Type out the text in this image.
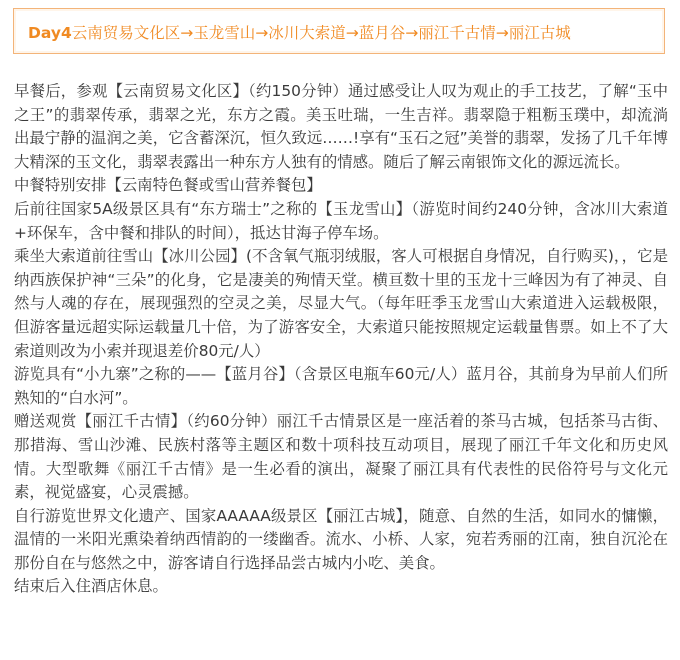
Day4云南贸易文化区→玉龙雪山→冰川大索道→蓝月谷→丽江千古情→丽江古城

早餐后，参观【云南贸易文化区】（约150分钟）通过感受让人叹为观止的手工技艺，了解“玉中之王”的翡翠传承，翡翠之光，东方之霞。美玉吐瑞，一生吉祥。翡翠隐于粗粝玉璞中，却流淌出最宁静的温润之美，它含蓄深沉，恒久致远……!享有“玉石之冠”美誉的翡翠，发扬了几千年博大精深的玉文化，翡翠表露出一种东方人独有的情感。随后了解云南银饰文化的源远流长。

中餐特别安排【云南特色餐或雪山营养餐包】

后前往国家5A级景区具有“东方瑞士”之称的【玉龙雪山】（游览时间约240分钟，含冰川大索道+环保车，含中餐和排队的时间），抵达甘海子停车场。

乘坐大索道前往雪山【冰川公园】(不含氧气瓶羽绒服，客人可根据自身情况，自行购买)，，它是纳西族保护神“三朵”的化身，它是凄美的殉情天堂。横亘数十里的玉龙十三峰因为有了神灵、自然与人魂的存在，展现强烈的空灵之美，尽显大气。（每年旺季玉龙雪山大索道进入运载极限，但游客量远超实际运载量几十倍，为了游客安全，大索道只能按照规定运载量售票。如上不了大索道则改为小索并现退差价80元/人）

游览具有“小九寨”之称的——【蓝月谷】（含景区电瓶车60元/人）蓝月谷，其前身为早前人们所熟知的“白水河”。

赠送观赏【丽江千古情】（约60分钟）丽江千古情景区是一座活着的茶马古城，包括茶马古街、那措海、雪山沙滩、民族村落等主题区和数十项科技互动项目，展现了丽江千年文化和历史风情。大型歌舞《丽江千古情》是一生必看的演出，凝聚了丽江具有代表性的民俗符号与文化元素，视觉盛宴，心灵震撼。

自行游览世界文化遗产、国家AAAAA级景区【丽江古城】，随意、自然的生活，如同水的慵懒，温情的一米阳光熏染着纳西情韵的一缕幽香。流水、小桥、人家，宛若秀丽的江南，独自沉沦在那份自在与悠然之中，游客请自行选择品尝古城内小吃、美食。

结束后入住酒店休息。
